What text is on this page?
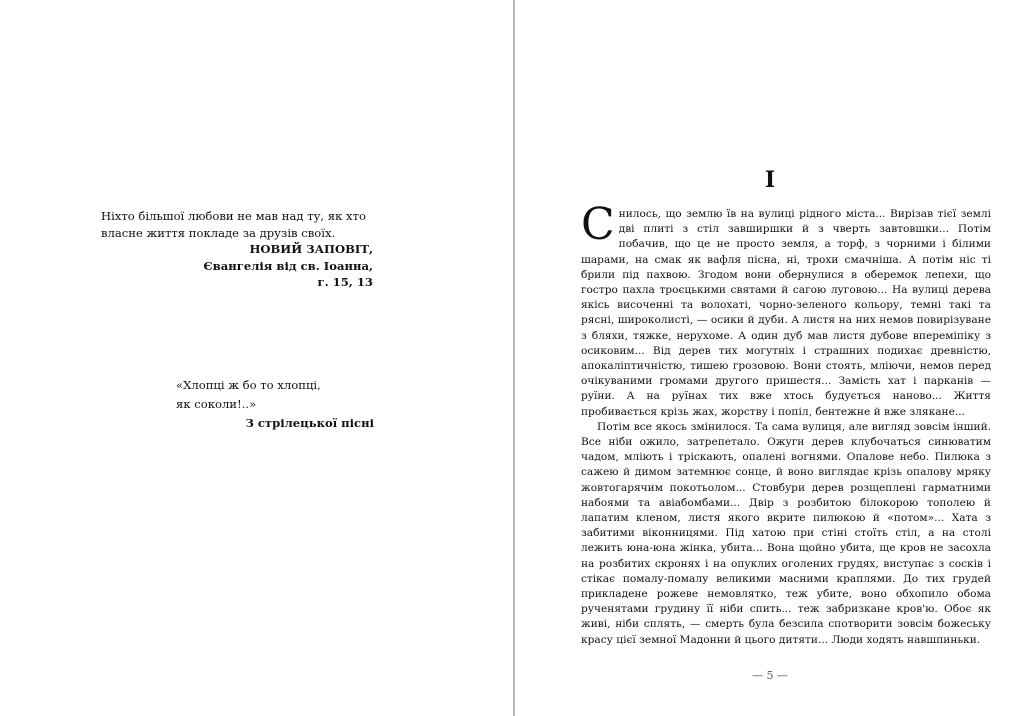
Ніхто більшої любови не мав над ту, як хто
власне життя покладе за друзів своїх.
НОВИЙ ЗАПОВІТ,
Євангелія від св. Іоанна,
г. 15, 13
«Хлопці ж бо то хлопці,
як соколи!..»
З стрілецької пісні
I

Снилось, що землю їв на вулиці рідного міста... Вирізав тієї землі дві плиті з стіл завширшки й з чверть завтовшки... Потім побачив, що це не просто земля, а торф, з чорними і білими шарами, на смак як вафля пісна, ні, трохи смачніша. А потім ніс ті брили під пахвою. Згодом вони обернулися в оберемок лепехи, що гостро пахла троєцькими святами й сагою луговою... На вулиці дерева якісь височенні та волохаті, чорно-зеленого кольору, темні такі та рясні, широколисті, — осики й дуби. А листя на них немов повирізуване з бляхи, тяжке, нерухоме. А один дуб мав листя дубове впереміпіку з осиковим... Від дерев тих могутніх і страшних подихає древністю, апокаліптичністю, тишею грозовою. Вони стоять, мліючи, немов перед очікуваними громами другого пришестя... Замість хат і парканів — руїни. А на руїнах тих вже хтось будується наново... Життя пробивається крізь жах, жорству і попіл, бентежне й вже злякане...

Потім все якось змінилося. Та сама вулиця, але вигляд зовсім інший. Все ніби ожило, затрепетало. Ожуги дерев клубочаться синюватим чадом, мліють і тріскають, опалені вогнями. Опалове небо. Пилюка з сажею й димом затемнює сонце, й воно виглядає крізь опалову мряку жовтогарячим покотьолом... Стовбури дерев розщеплені гарматними набоями та авіабомбами... Двір з розбитою білокорою тополею й лапатим кленом, листя якого вкрите пилюкою й «потом»... Хата з забитими віконницями. Під хатою при стіні стоїть стіл, а на столі лежить юна-юна жінка, убита... Вона щойно убита, ще кров не засохла на розбитих скронях і на опуклих оголених грудях, виступає з сосків і стікає помалу-помалу великими масними краплями. До тих грудей прикладене рожеве немовлятко, теж убите, воно обхопило обома рученятами грудину її ніби спить... теж забризкане кров'ю. Обоє як живі, ніби сплять, — смерть була безсила спотворити зовсім божеську красу цієї земної Мадонни й цього дитяти... Люди ходять навшпиньки.

— 5 —
